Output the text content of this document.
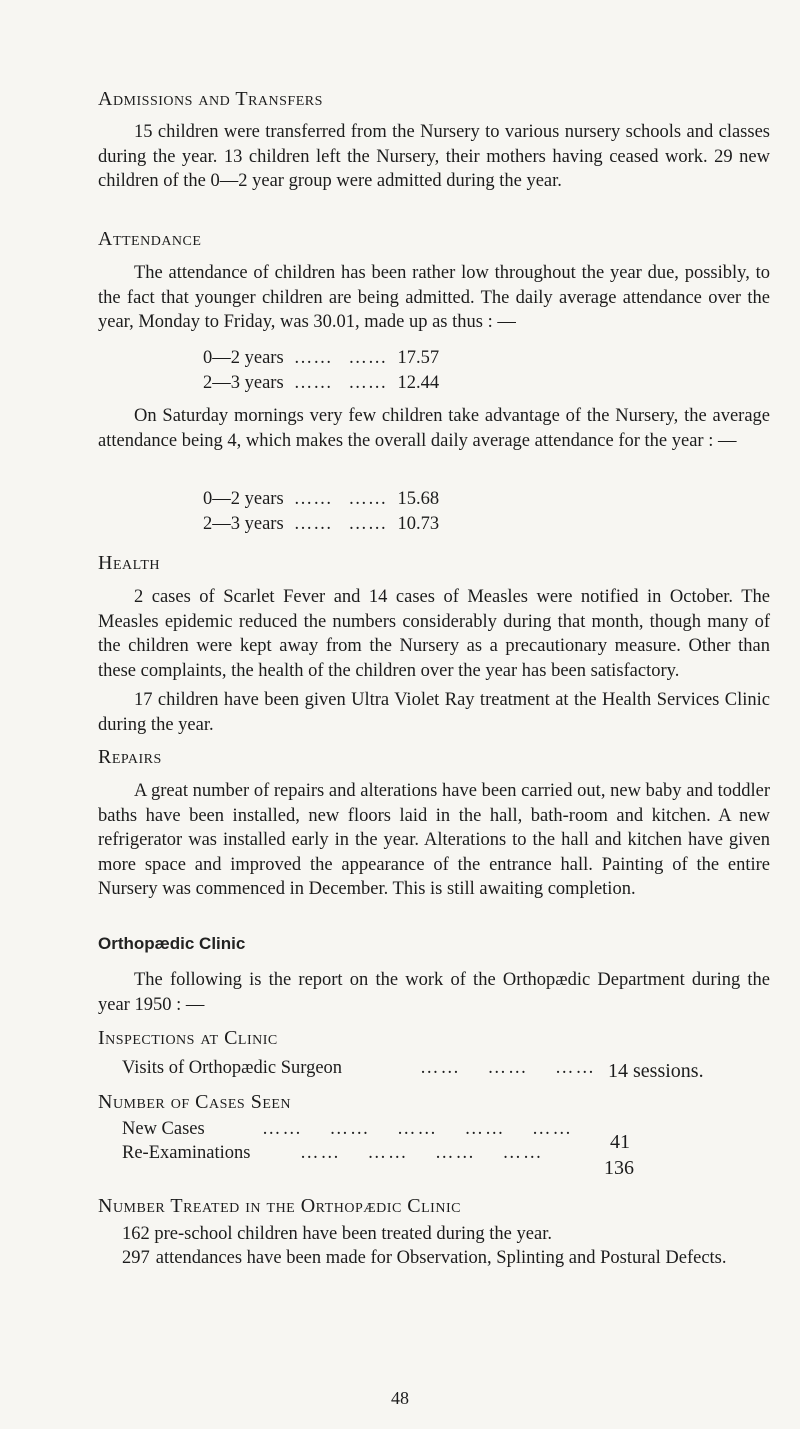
Admissions and Transfers

15 children were transferred from the Nursery to various nursery schools and classes during the year. 13 children left the Nursery, their mothers having ceased work. 29 new children of the 0—2 year group were admitted during the year.

Attendance

The attendance of children has been rather low throughout the year due, possibly, to the fact that younger children are being admitted. The daily average attendance over the year, Monday to Friday, was 30.01, made up as thus : —

0—2 years …… …… 17.57
2—3 years …… …… 12.44

On Saturday mornings very few children take advantage of the Nursery, the average attendance being 4, which makes the overall daily average attendance for the year : —

0—2 years …… …… 15.68
2—3 years …… …… 10.73
Health

2 cases of Scarlet Fever and 14 cases of Measles were notified in October. The Measles epidemic reduced the numbers considerably during that month, though many of the children were kept away from the Nursery as a precautionary measure. Other than these complaints, the health of the children over the year has been satisfactory.

17 children have been given Ultra Violet Ray treatment at the Health Services Clinic during the year.

Repairs

A great number of repairs and alterations have been carried out, new baby and toddler baths have been installed, new floors laid in the hall, bath-room and kitchen. A new refrigerator was installed early in the year. Alterations to the hall and kitchen have given more space and improved the appearance of the entrance hall. Painting of the entire Nursery was commenced in December. This is still awaiting completion.

Orthopædic Clinic

The following is the report on the work of the Orthopædic Department during the year 1950 : —

Inspections at Clinic
Visits of Orthopædic Surgeon	……    ……    …… 14 sessions.
Number of Cases Seen
New Cases	……    ……    ……    ……    ……
41
Re-Examinations	……    ……    ……    ……
136
Number Treated in the Orthopædic Clinic
162 pre-school children have been treated during the year.
297 attendances have been made for Observation, Splinting and Postural Defects.
48
